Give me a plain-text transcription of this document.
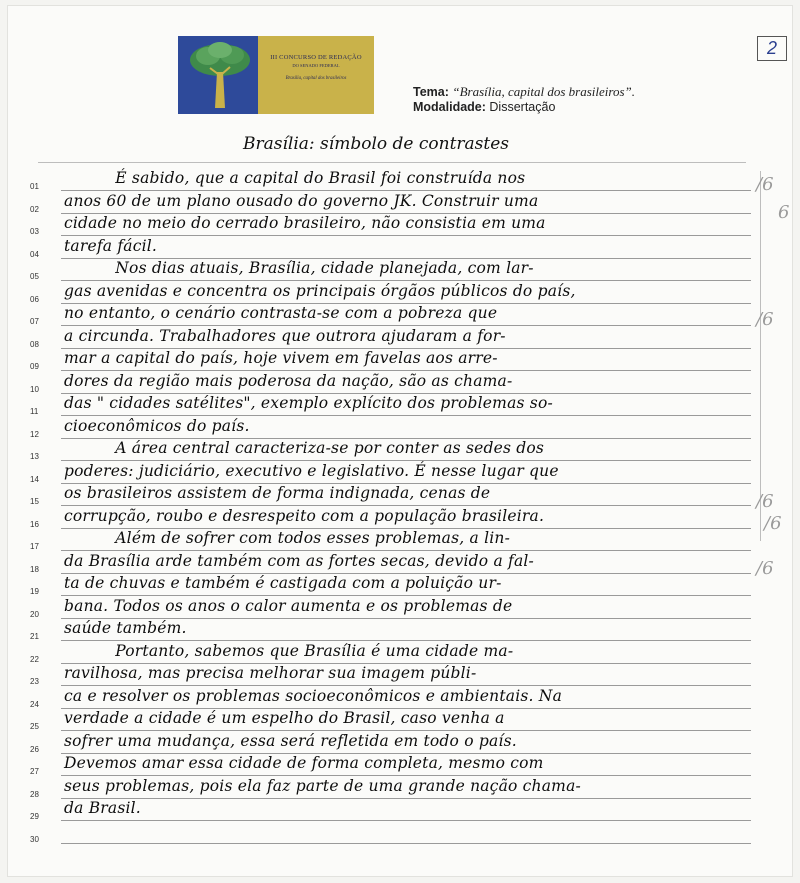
III CONCURSO DE REDAÇÃO
DO SENADO FEDERAL
Brasília, capital dos brasileiros
2
Tema: “Brasília, capital dos brasileiros”.
Modalidade: Dissertação
Brasília: símbolo de contrastes
01	É sabido, que a capital do Brasil foi construída nos
02	anos 60 de um plano ousado do governo JK. Construir uma
03	cidade no meio do cerrado brasileiro, não consistia em uma
04	tarefa fácil.
05	Nos dias atuais, Brasília, cidade planejada, com lar-
06	gas avenidas e concentra os principais órgãos públicos do país,
07	no entanto, o cenário contrasta-se com a pobreza que
08	a circunda. Trabalhadores que outrora ajudaram a for-
09	mar a capital do país, hoje vivem em favelas aos arre-
10	dores da região mais poderosa da nação, são as chama-
11	das " cidades satélites", exemplo explícito dos problemas so-
12	cioeconômicos do país.
13	A área central caracteriza-se por conter as sedes dos
14	poderes: judiciário, executivo e legislativo. É nesse lugar que
15	os brasileiros assistem de forma indignada, cenas de
16	corrupção, roubo e desrespeito com a população brasileira.
17	Além de sofrer com todos esses problemas, a lin-
18	da Brasília arde também com as fortes secas, devido a fal-
19	ta de chuvas e também é castigada com a poluição ur-
20	bana. Todos os anos o calor aumenta e os problemas de
21	saúde também.
22	Portanto, sabemos que Brasília é uma cidade ma-
23	ravilhosa, mas precisa melhorar sua imagem públi-
24	ca e resolver os problemas socioeconômicos e ambientais. Na
25	verdade a cidade é um espelho do Brasil, caso venha a
26	sofrer uma mudança, essa será refletida em todo o país.
27	Devemos amar essa cidade de forma completa, mesmo com
28	seus problemas, pois ela faz parte de uma grande nação chama-
29	da Brasil.
30
/6
6
/6
/6
/6
/6
